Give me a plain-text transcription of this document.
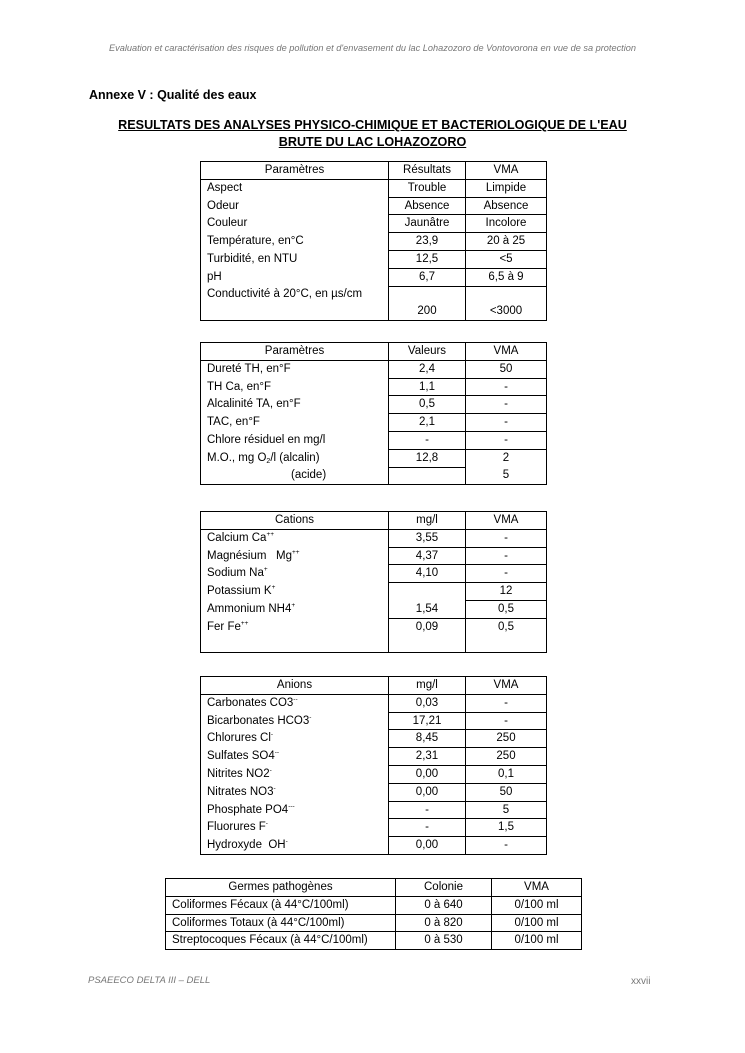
Evaluation et caractérisation des risques de pollution et d'envasement du lac Lohazozoro de Vontovorona en vue de sa protection
Annexe V : Qualité des eaux
RESULTATS DES ANALYSES PHYSICO-CHIMIQUE ET BACTERIOLOGIQUE DE L'EAU
BRUTE DU LAC LOHAZOZORO
Paramètres	Résultats	VMA
Aspect	Trouble	Limpide
Odeur	Absence	Absence
Couleur	Jaunâtre	Incolore
Température, en°C	23,9	20 à 25
Turbidité, en NTU	12,5	<5
pH	6,7	6,5 à 9
Conductivité à 20°C, en µs/cm		
	200	<3000
Paramètres	Valeurs	VMA
Dureté TH, en°F	2,4	50
TH Ca, en°F	1,1	-
Alcalinité TA, en°F	0,5	-
TAC, en°F	2,1	-
Chlore résiduel en mg/l	-	-
M.O., mg $O_2/l$ (alcalin)	12,8	2
(acide)		5
Cations	mg/l	VMA
Calcium Ca++	3,55	-
Magnésium   Mg++	4,37	-
Sodium Na+	4,10	-
Potassium K+		12
Ammonium NH4+	1,54	0,5
Fer Fe++	0,09	0,5

Anions	mg/l	VMA
Carbonates CO3--	0,03	-
Bicarbonates HCO3-	17,21	-
Chlorures Cl-	8,45	250
Sulfates SO4--	2,31	250
Nitrites NO2-	0,00	0,1
Nitrates NO3-	0,00	50
Phosphate PO4---	-	5
Fluorures F-	-	1,5
Hydroxyde  OH-	0,00	-
Germes pathogènes	Colonie	VMA
Coliformes Fécaux (à 44°C/100ml)	0 à 640	0/100 ml
Coliformes Totaux (à 44°C/100ml)	0 à 820	0/100 ml
Streptocoques Fécaux (à 44°C/100ml)	0 à 530	0/100 ml
PSAEECO DELTA III – DELL	xxvii
